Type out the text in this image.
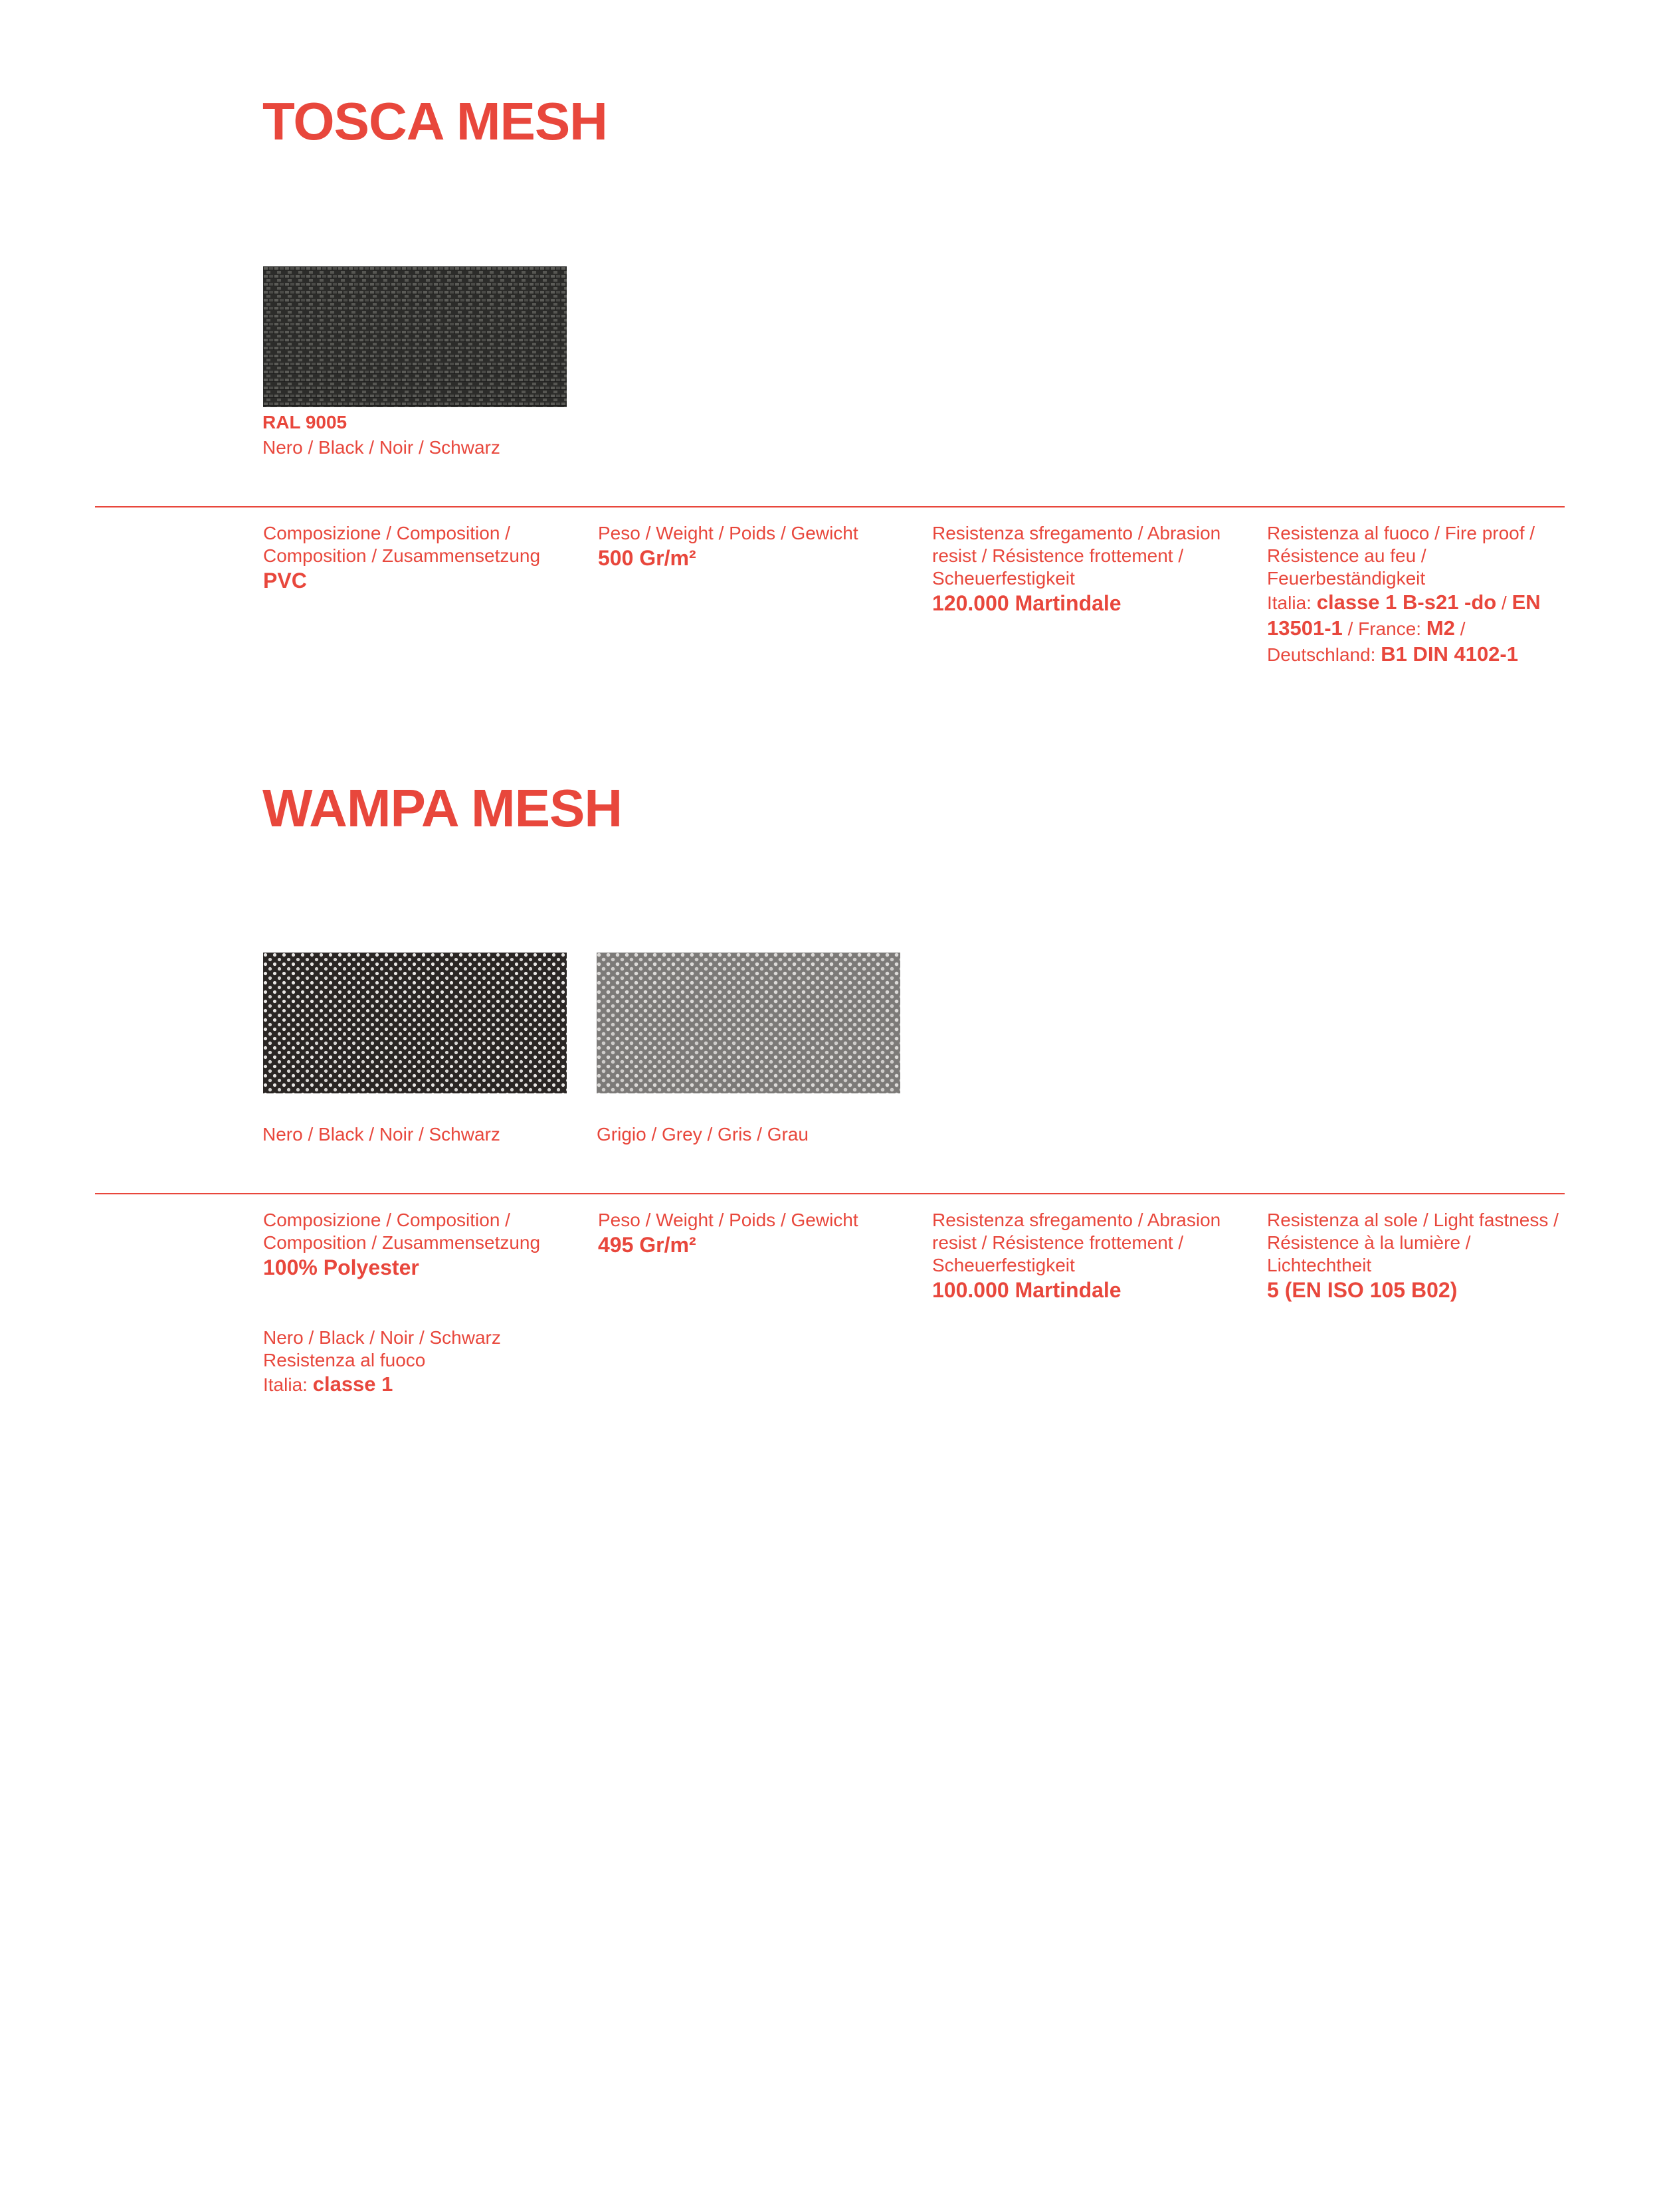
TOSCA MESH
RAL 9005
Nero / Black / Noir / Schwarz
Composizione / Composition / Composition / Zusammensetzung
PVC
Peso / Weight / Poids / Gewicht
500 Gr/m²
Resistenza sfregamento / Abrasion resist / Résistence frottement / Scheuerfestigkeit
120.000 Martindale
Resistenza al fuoco / Fire proof / Résistence au feu / Feuerbeständigkeit
Italia: classe 1 B-s21 -do / EN 13501-1 / France: M2 / Deutschland: B1 DIN 4102-1
WAMPA MESH
Nero / Black / Noir / Schwarz	Grigio / Grey / Gris / Grau
Composizione / Composition / Composition / Zusammensetzung
100% Polyester
Peso / Weight / Poids / Gewicht
495 Gr/m²
Resistenza sfregamento / Abrasion resist / Résistence frottement / Scheuerfestigkeit
100.000 Martindale
Resistenza al sole / Light fastness / Résistence à la lumière / Lichtechtheit
5 (EN ISO 105 B02)
Nero / Black / Noir / Schwarz
Resistenza al fuoco
Italia: classe 1
